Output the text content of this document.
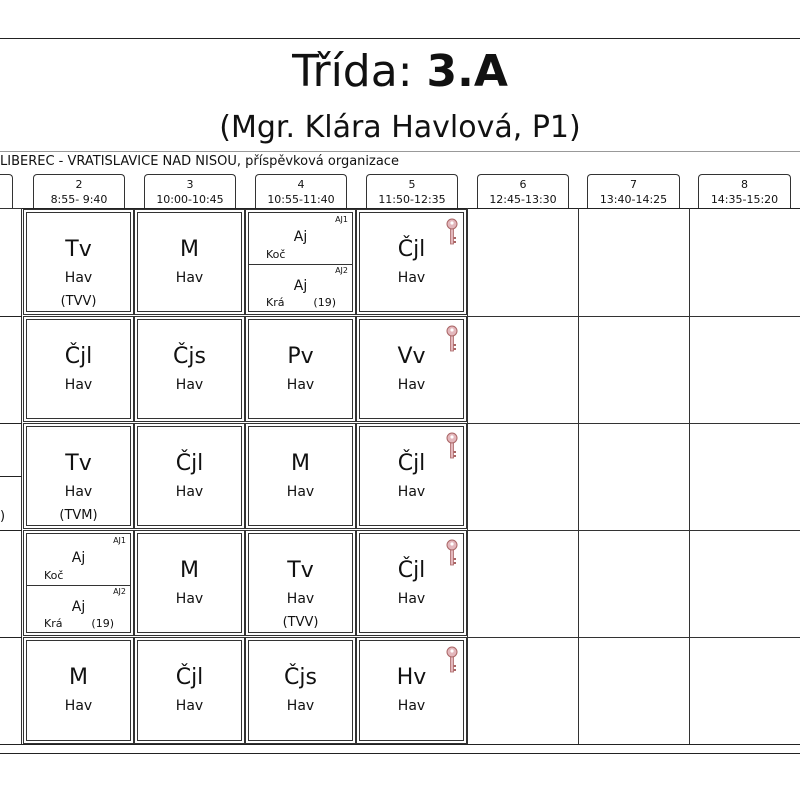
Třída: 3.A
(Mgr. Klára Havlová, P1)
LIBEREC - VRATISLAVICE NAD NISOU, příspěvková organizace
2
8:55- 9:40
3
10:00-10:45
4
10:55-11:40
5
11:50-12:35
6
12:45-13:30
7
13:40-14:25
8
14:35-15:20
)
Tv
Hav
(TVV)
M
Hav
AJ1
Aj
Koč
AJ2
Aj
Krá	(19)
Čjl
Hav
Čjl
Hav
Čjs
Hav
Pv
Hav
Vv
Hav
Tv
Hav
(TVM)
Čjl
Hav
M
Hav
Čjl
Hav
AJ1
Aj
Koč
AJ2
Aj
Krá	(19)
M
Hav
Tv
Hav
(TVV)
Čjl
Hav
M
Hav
Čjl
Hav
Čjs
Hav
Hv
Hav
